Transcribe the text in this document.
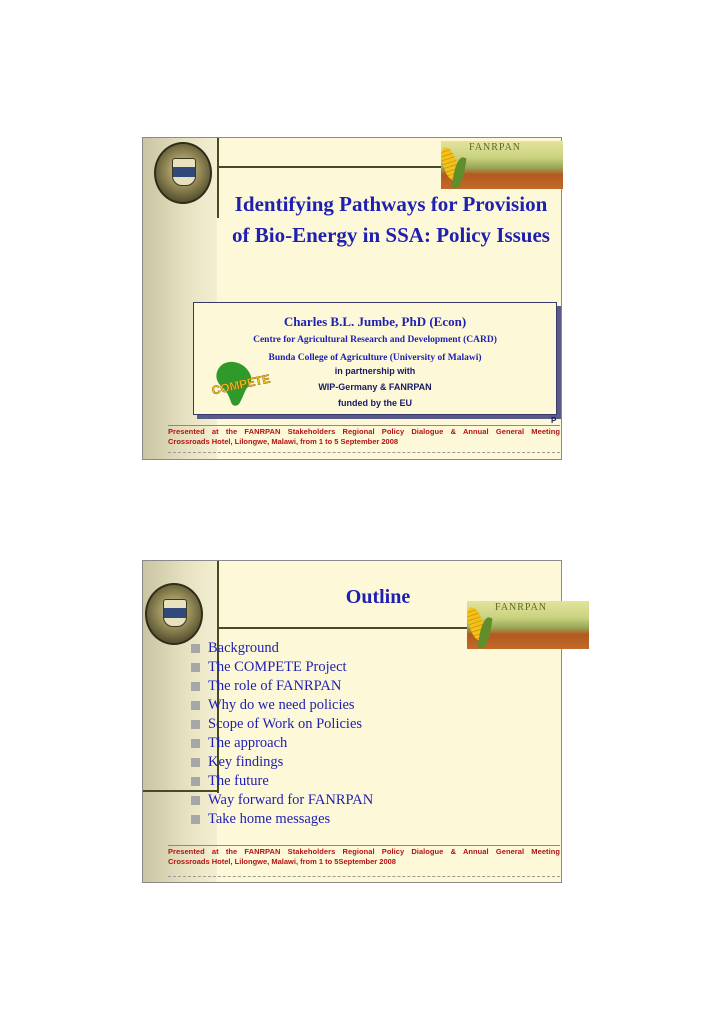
FANRPAN
Identifying Pathways for Provision of Bio-Energy in SSA: Policy Issues
Charles B.L. Jumbe, PhD (Econ)
Centre for Agricultural Research and Development (CARD)
Bunda College of Agriculture (University of Malawi)
COMPETE
in partnership with
WIP-Germany & FANRPAN
funded by the EU
P
Presented at the FANRPAN Stakeholders Regional Policy Dialogue & Annual General Meeting
Crossroads Hotel, Lilongwe, Malawi, from 1 to 5 September 2008
FANRPAN
Outline
Background
The COMPETE Project
The role of FANRPAN
Why do we need policies
Scope of Work on Policies
The approach
Key findings
The future
Way forward for FANRPAN
Take home messages
Presented at the FANRPAN Stakeholders Regional Policy Dialogue & Annual General Meeting
Crossroads Hotel, Lilongwe, Malawi, from 1 to 5September 2008
